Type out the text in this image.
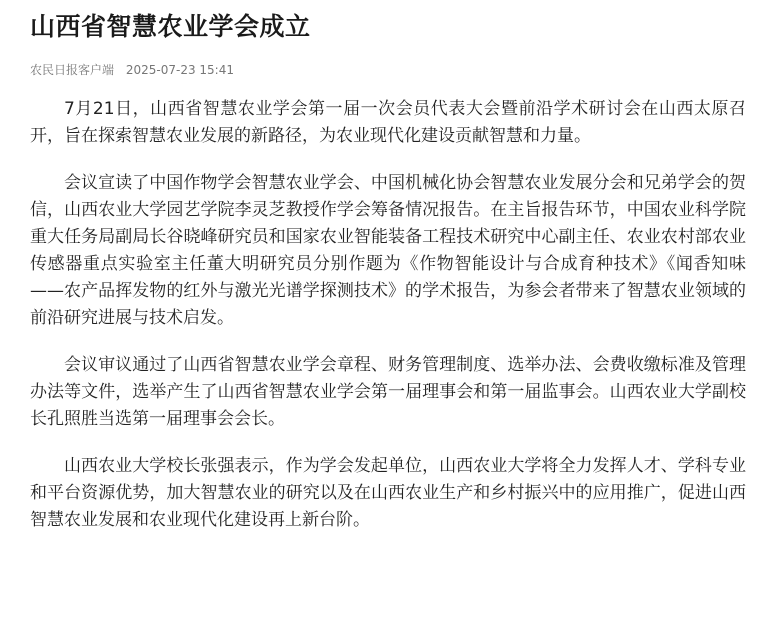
山西省智慧农业学会成立
农民日报客户端 2025-07-23 15:41

7月21日，山西省智慧农业学会第一届一次会员代表大会暨前沿学术研讨会在山西太原召开，旨在探索智慧农业发展的新路径，为农业现代化建设贡献智慧和力量。

会议宣读了中国作物学会智慧农业学会、中国机械化协会智慧农业发展分会和兄弟学会的贺信，山西农业大学园艺学院李灵芝教授作学会筹备情况报告。在主旨报告环节，中国农业科学院重大任务局副局长谷晓峰研究员和国家农业智能装备工程技术研究中心副主任、农业农村部农业传感器重点实验室主任董大明研究员分别作题为《作物智能设计与合成育种技术》《闻香知味——农产品挥发物的红外与激光光谱学探测技术》的学术报告，为参会者带来了智慧农业领域的前沿研究进展与技术启发。

会议审议通过了山西省智慧农业学会章程、财务管理制度、选举办法、会费收缴标准及管理办法等文件，选举产生了山西省智慧农业学会第一届理事会和第一届监事会。山西农业大学副校长孔照胜当选第一届理事会会长。

山西农业大学校长张强表示，作为学会发起单位，山西农业大学将全力发挥人才、学科专业和平台资源优势，加大智慧农业的研究以及在山西农业生产和乡村振兴中的应用推广，促进山西智慧农业发展和农业现代化建设再上新台阶。
